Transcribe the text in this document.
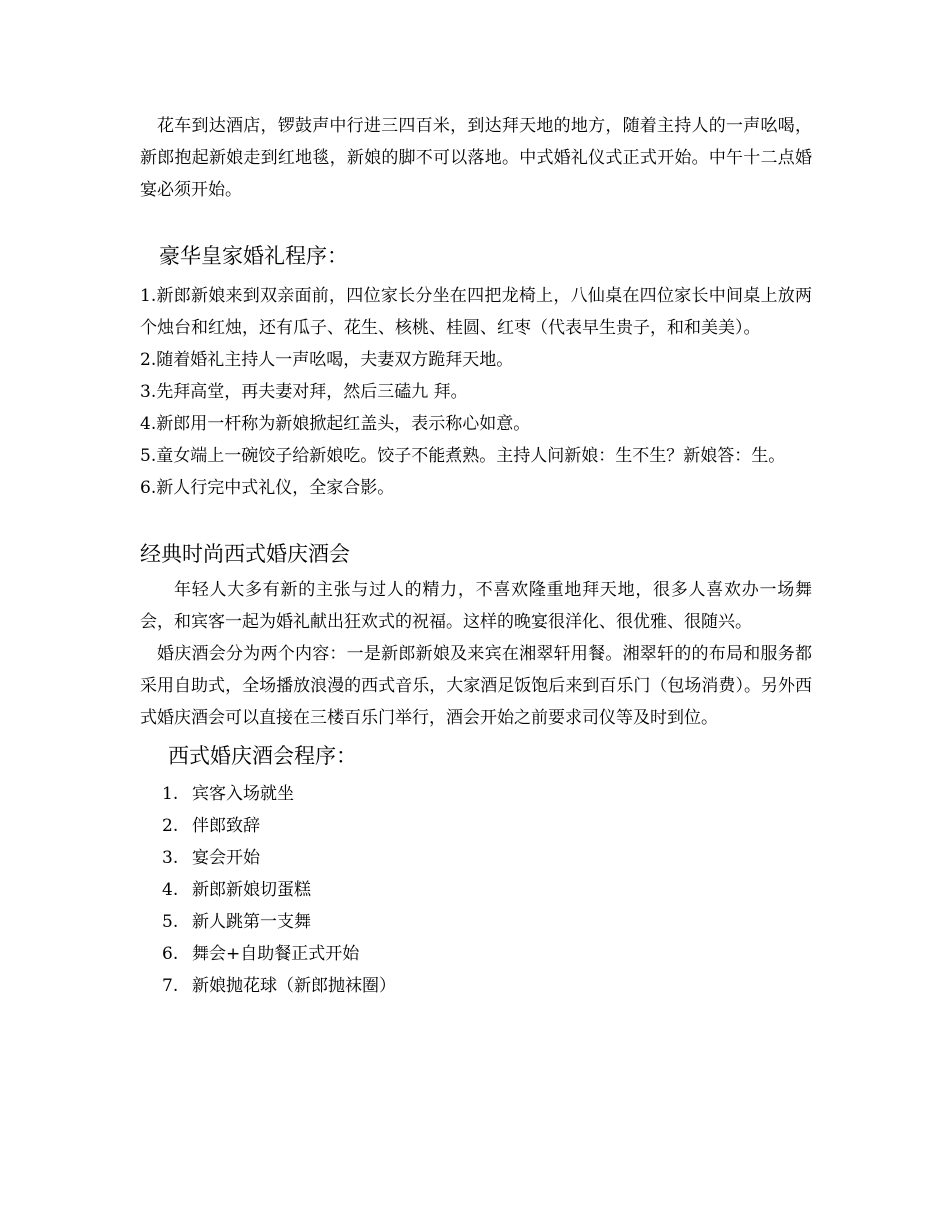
花车到达酒店，锣鼓声中行进三四百米，到达拜天地的地方，随着主持人的一声吆喝，新郎抱起新娘走到红地毯，新娘的脚不可以落地。中式婚礼仪式正式开始。中午十二点婚宴必须开始。

豪华皇家婚礼程序：

1.新郎新娘来到双亲面前，四位家长分坐在四把龙椅上，八仙桌在四位家长中间桌上放两个烛台和红烛，还有瓜子、花生、核桃、桂圆、红枣（代表早生贵子，和和美美）。

2.随着婚礼主持人一声吆喝，夫妻双方跪拜天地。

3.先拜高堂，再夫妻对拜，然后三磕九 拜。

4.新郎用一杆称为新娘掀起红盖头，表示称心如意。

5.童女端上一碗饺子给新娘吃。饺子不能煮熟。主持人问新娘：生不生？新娘答：生。

6.新人行完中式礼仪，全家合影。

经典时尚西式婚庆酒会

年轻人大多有新的主张与过人的精力，不喜欢隆重地拜天地，很多人喜欢办一场舞会，和宾客一起为婚礼献出狂欢式的祝福。这样的晚宴很洋化、很优雅、很随兴。

婚庆酒会分为两个内容：一是新郎新娘及来宾在湘翠轩用餐。湘翠轩的的布局和服务都采用自助式，全场播放浪漫的西式音乐，大家酒足饭饱后来到百乐门（包场消费）。另外西式婚庆酒会可以直接在三楼百乐门举行，酒会开始之前要求司仪等及时到位。

西式婚庆酒会程序：
1. 宾客入场就坐
2. 伴郎致辞
3. 宴会开始
4. 新郎新娘切蛋糕
5. 新人跳第一支舞
6. 舞会+自助餐正式开始
7. 新娘抛花球（新郎抛袜圈）
